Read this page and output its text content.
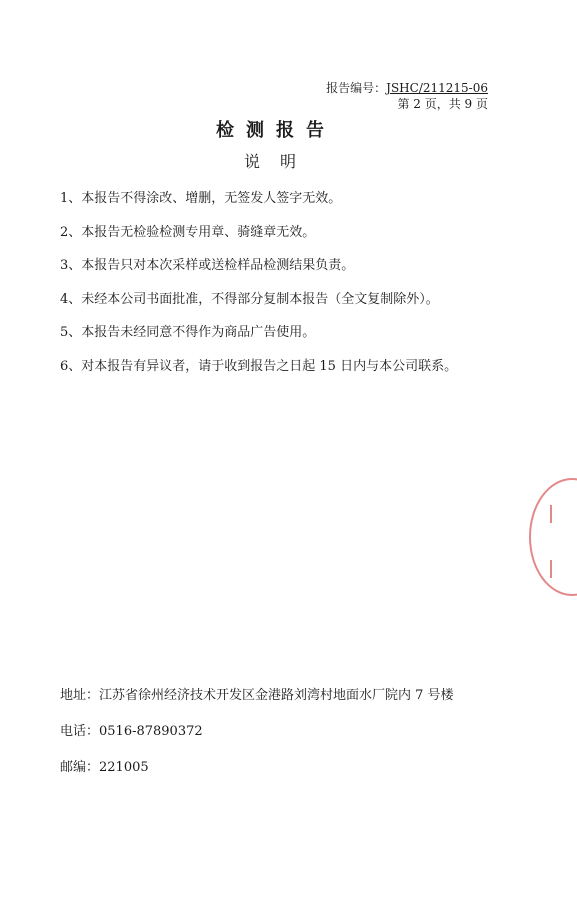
报告编号：JSHC/211215-06
第 2 页，共 9 页
检测报告
说明
1、本报告不得涂改、增删，无签发人签字无效。
2、本报告无检验检测专用章、骑缝章无效。
3、本报告只对本次采样或送检样品检测结果负责。
4、未经本公司书面批准，不得部分复制本报告（全文复制除外）。
5、本报告未经同意不得作为商品广告使用。
6、对本报告有异议者，请于收到报告之日起 15 日内与本公司联系。
地址：江苏省徐州经济技术开发区金港路刘湾村地面水厂院内 7 号楼
电话：0516-87890372
邮编：221005
